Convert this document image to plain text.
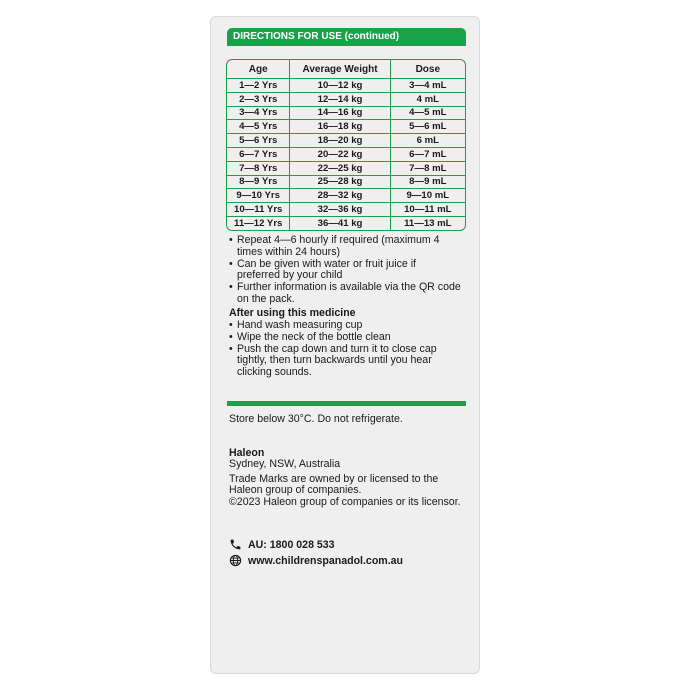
DIRECTIONS FOR USE (continued)
Age	Average Weight	Dose
1—2 Yrs	10—12 kg	3—4 mL
2—3 Yrs	12—14 kg	4 mL
3—4 Yrs	14—16 kg	4—5 mL
4—5 Yrs	16—18 kg	5—6 mL
5—6 Yrs	18—20 kg	6 mL
6—7 Yrs	20—22 kg	6—7 mL
7—8 Yrs	22—25 kg	7—8 mL
8—9 Yrs	25—28 kg	8—9 mL
9—10 Yrs	28—32 kg	9—10 mL
10—11 Yrs	32—36 kg	10—11 mL
11—12 Yrs	36—41 kg	11—13 mL
• Repeat 4—6 hourly if required (maximum 4 times within 24 hours)
• Can be given with water or fruit juice if preferred by your child
• Further information is available via the QR code on the pack.
After using this medicine
• Hand wash measuring cup
• Wipe the neck of the bottle clean
• Push the cap down and turn it to close cap tightly, then turn backwards until you hear clicking sounds.
Store below 30°C. Do not refrigerate.
Haleon
Sydney, NSW, Australia
Trade Marks are owned by or licensed to the Haleon group of companies.
©2023 Haleon group of companies or its licensor.
AU: 1800 028 533
www.childrenspanadol.com.au
